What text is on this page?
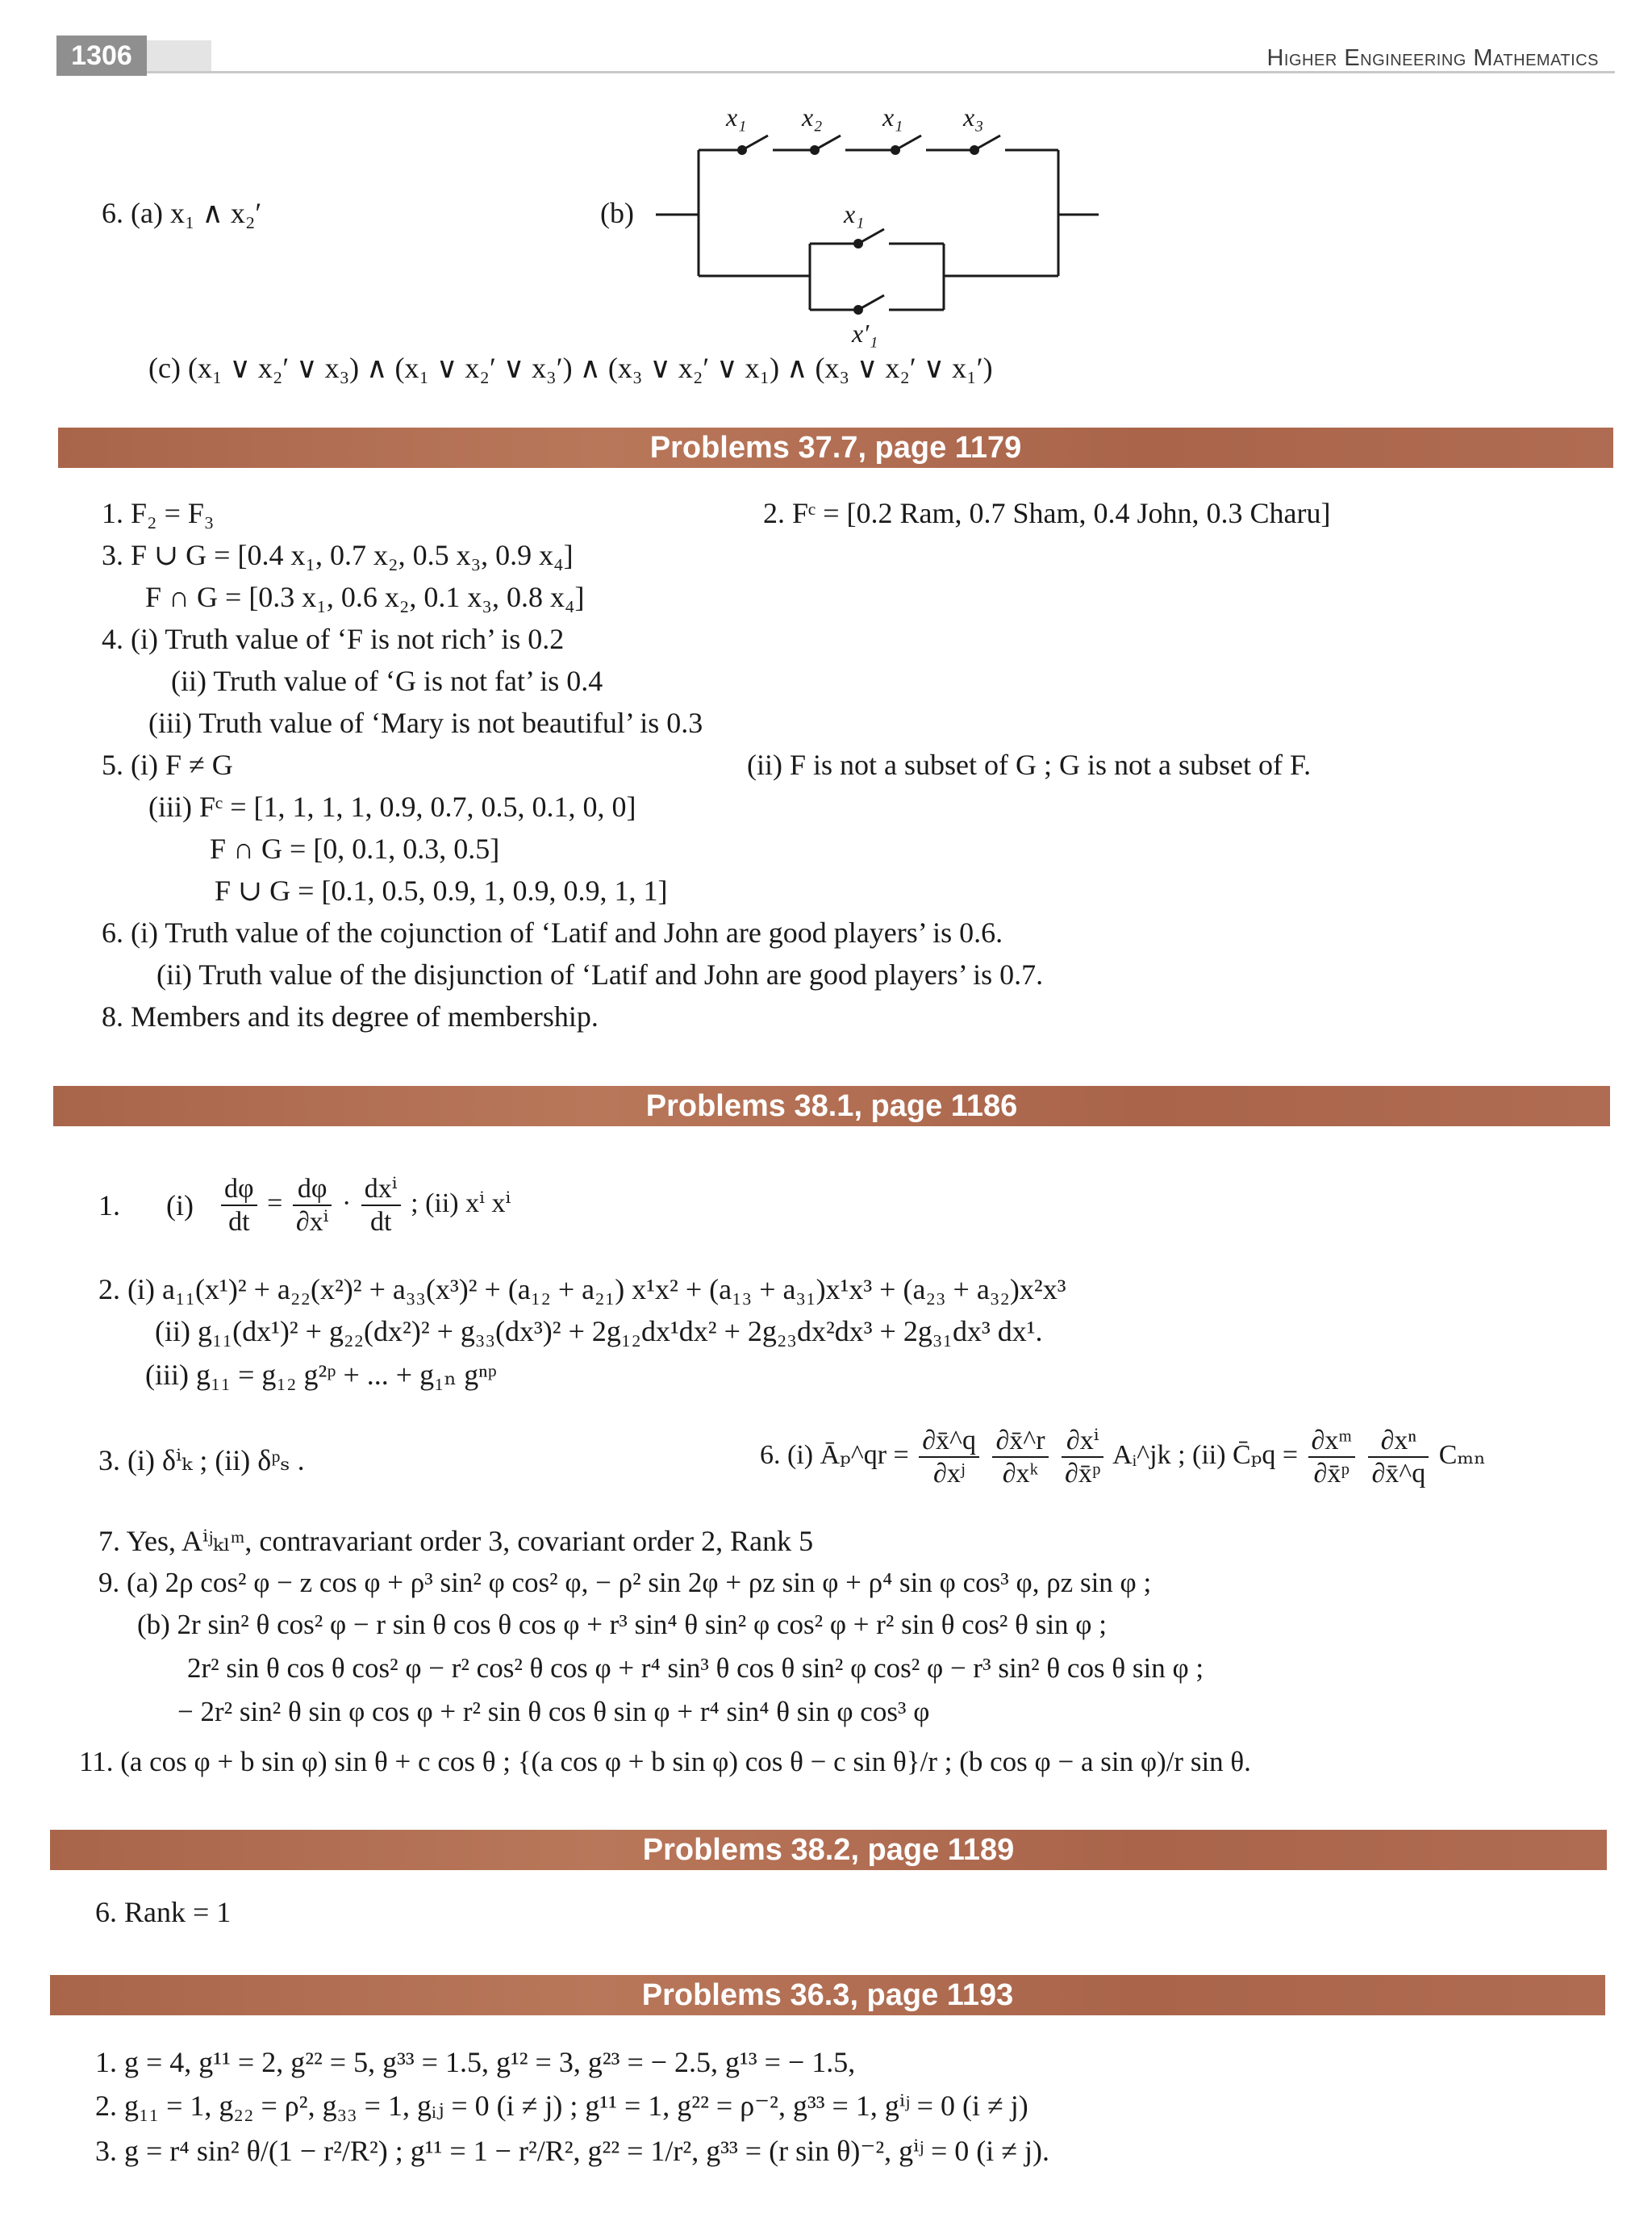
1306	Higher Engineering Mathematics
6. (a) x₁ ∧ x₂′	(b)
x₁ x₂ x₁ x₃
x₁
x′₁
(c) (x₁ ∨ x₂′ ∨ x₃) ∧ (x₁ ∨ x₂′ ∨ x₃′) ∧ (x₃ ∨ x₂′ ∨ x₁) ∧ (x₃ ∨ x₂′ ∨ x₁′)
Problems 37.7, page 1179
1. F₂ = F₃	2. Fᶜ = [0.2 Ram, 0.7 Sham, 0.4 John, 0.3 Charu]
3. F ∪ G = [0.4 x₁, 0.7 x₂, 0.5 x₃, 0.9 x₄]
F ∩ G = [0.3 x₁, 0.6 x₂, 0.1 x₃, 0.8 x₄]
4. (i) Truth value of ‘F is not rich’ is 0.2
(ii) Truth value of ‘G is not fat’ is 0.4
(iii) Truth value of ‘Mary is not beautiful’ is 0.3
5. (i) F ≠ G	(ii) F is not a subset of G ; G is not a subset of F.
(iii) Fᶜ = [1, 1, 1, 1, 0.9, 0.7, 0.5, 0.1, 0, 0]
F ∩ G = [0, 0.1, 0.3, 0.5]
F ∪ G = [0.1, 0.5, 0.9, 1, 0.9, 0.9, 1, 1]
6. (i) Truth value of the cojunction of ‘Latif and John are good players’ is 0.6.
(ii) Truth value of the disjunction of ‘Latif and John are good players’ is 0.7.
8. Members and its degree of membership.
Problems 38.1, page 1186
1. $(i) \frac{d\varphi}{dt} = \frac{d\varphi}{\text{∂xⁱ}} \cdot \frac{\text{dxⁱ}}{dt}$ ; (ii) xⁱ xⁱ
2. (i) a₁₁(x¹)² + a₂₂(x²)² + a₃₃(x³)² + (a₁₂ + a₂₁) x¹x² + (a₁₃ + a₃₁)x¹x³ + (a₂₃ + a₃₂)x²x³
(ii) g₁₁(dx¹)² + g₂₂(dx²)² + g₃₃(dx³)² + 2g₁₂dx¹dx² + 2g₂₃dx²dx³ + 2g₃₁dx³ dx¹.
(iii) g₁₁ = g₁₂ g²ᵖ + ... + g₁ₙ gⁿᵖ
3. (i) δⁱₖ ; (ii) δᵖₛ .	6. (i) Āₚ^qr = $\frac{\partial x̄\^{}q}{\text{∂xʲ}}$
$\frac{\partial x̄\^{}r}{\text{∂xᵏ}}$
$\frac{\text{∂xⁱ}}{\text{∂x̄ᵖ}}$ Aᵢ^jk ; (ii) C̄ₚq = $\frac{\text{∂xᵐ}}{\text{∂x̄ᵖ}}$
$\frac{\text{∂xⁿ}}{\partial x̄\^{}q}$ Cₘₙ
7. Yes, Aⁱʲₖₗᵐ, contravariant order 3, covariant order 2, Rank 5
9. (a) 2ρ cos² φ − z cos φ + ρ³ sin² φ cos² φ, − ρ² sin 2φ + ρz sin φ + ρ⁴ sin φ cos³ φ, ρz sin φ ;
(b) 2r sin² θ cos² φ − r sin θ cos θ cos φ + r³ sin⁴ θ sin² φ cos² φ + r² sin θ cos² θ sin φ ;
2r² sin θ cos θ cos² φ − r² cos² θ cos φ + r⁴ sin³ θ cos θ sin² φ cos² φ − r³ sin² θ cos θ sin φ ;
− 2r² sin² θ sin φ cos φ + r² sin θ cos θ sin φ + r⁴ sin⁴ θ sin φ cos³ φ
11. (a cos φ + b sin φ) sin θ + c cos θ ; {(a cos φ + b sin φ) cos θ − c sin θ}/r ; (b cos φ − a sin φ)/r sin θ.
Problems 38.2, page 1189
6. Rank = 1
Problems 36.3, page 1193
1. g = 4, g¹¹ = 2, g²² = 5, g³³ = 1.5, g¹² = 3, g²³ = − 2.5, g¹³ = − 1.5,
2. g₁₁ = 1, g₂₂ = ρ², g₃₃ = 1, gᵢⱼ = 0 (i ≠ j) ; g¹¹ = 1, g²² = ρ⁻², g³³ = 1, gⁱʲ = 0 (i ≠ j)
3. g = r⁴ sin² θ/(1 − r²/R²) ; g¹¹ = 1 − r²/R², g²² = 1/r², g³³ = (r sin θ)⁻², gⁱʲ = 0 (i ≠ j).
